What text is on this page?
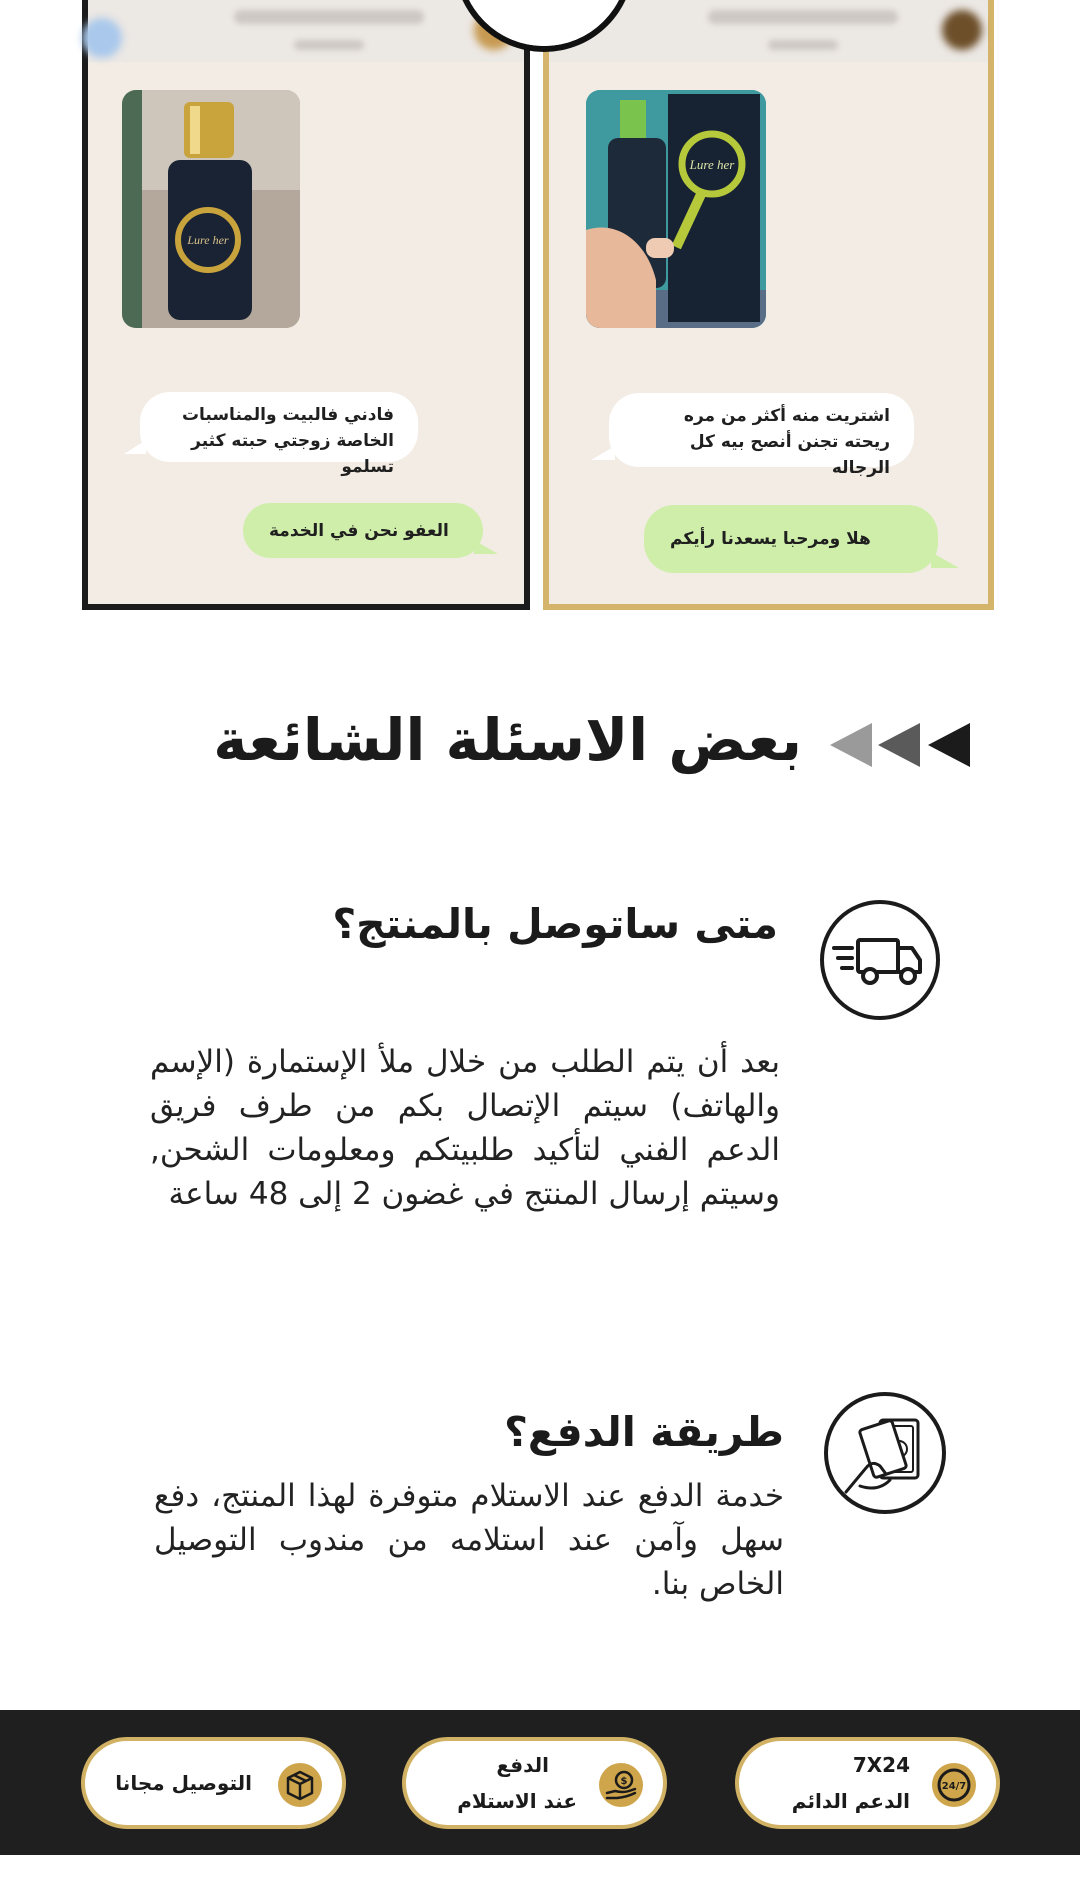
Lure her
فادني فالبيت والمناسبات الخاصة زوجتي حبته كثير تسلمو
العفو نحن في الخدمة
Lure her
اشتريت منه أكثر من مره ريحته تجنن أنصح بيه كل الرجاله
هلا ومرحبا يسعدنا رأيكم
بعض الاسئلة الشائعة
متى ساتوصل بالمنتج؟
بعد أن يتم الطلب من خلال ملأ الإستمارة (الإسم والهاتف) سيتم الإتصال بكم من طرف فريق الدعم الفني لتأكيد طلبيتكم ومعلومات الشحن, وسيتم إرسال المنتج في غضون 2 إلى 48 ساعة
طريقة الدفع؟
خدمة الدفع عند الاستلام متوفرة لهذا المنتج، دفع سهل وآمن عند استلامه من مندوب التوصيل الخاص بنا.
24/7
7X24
الدعم الدائم
$
الدفع
عند الاستلام
التوصيل مجانا
